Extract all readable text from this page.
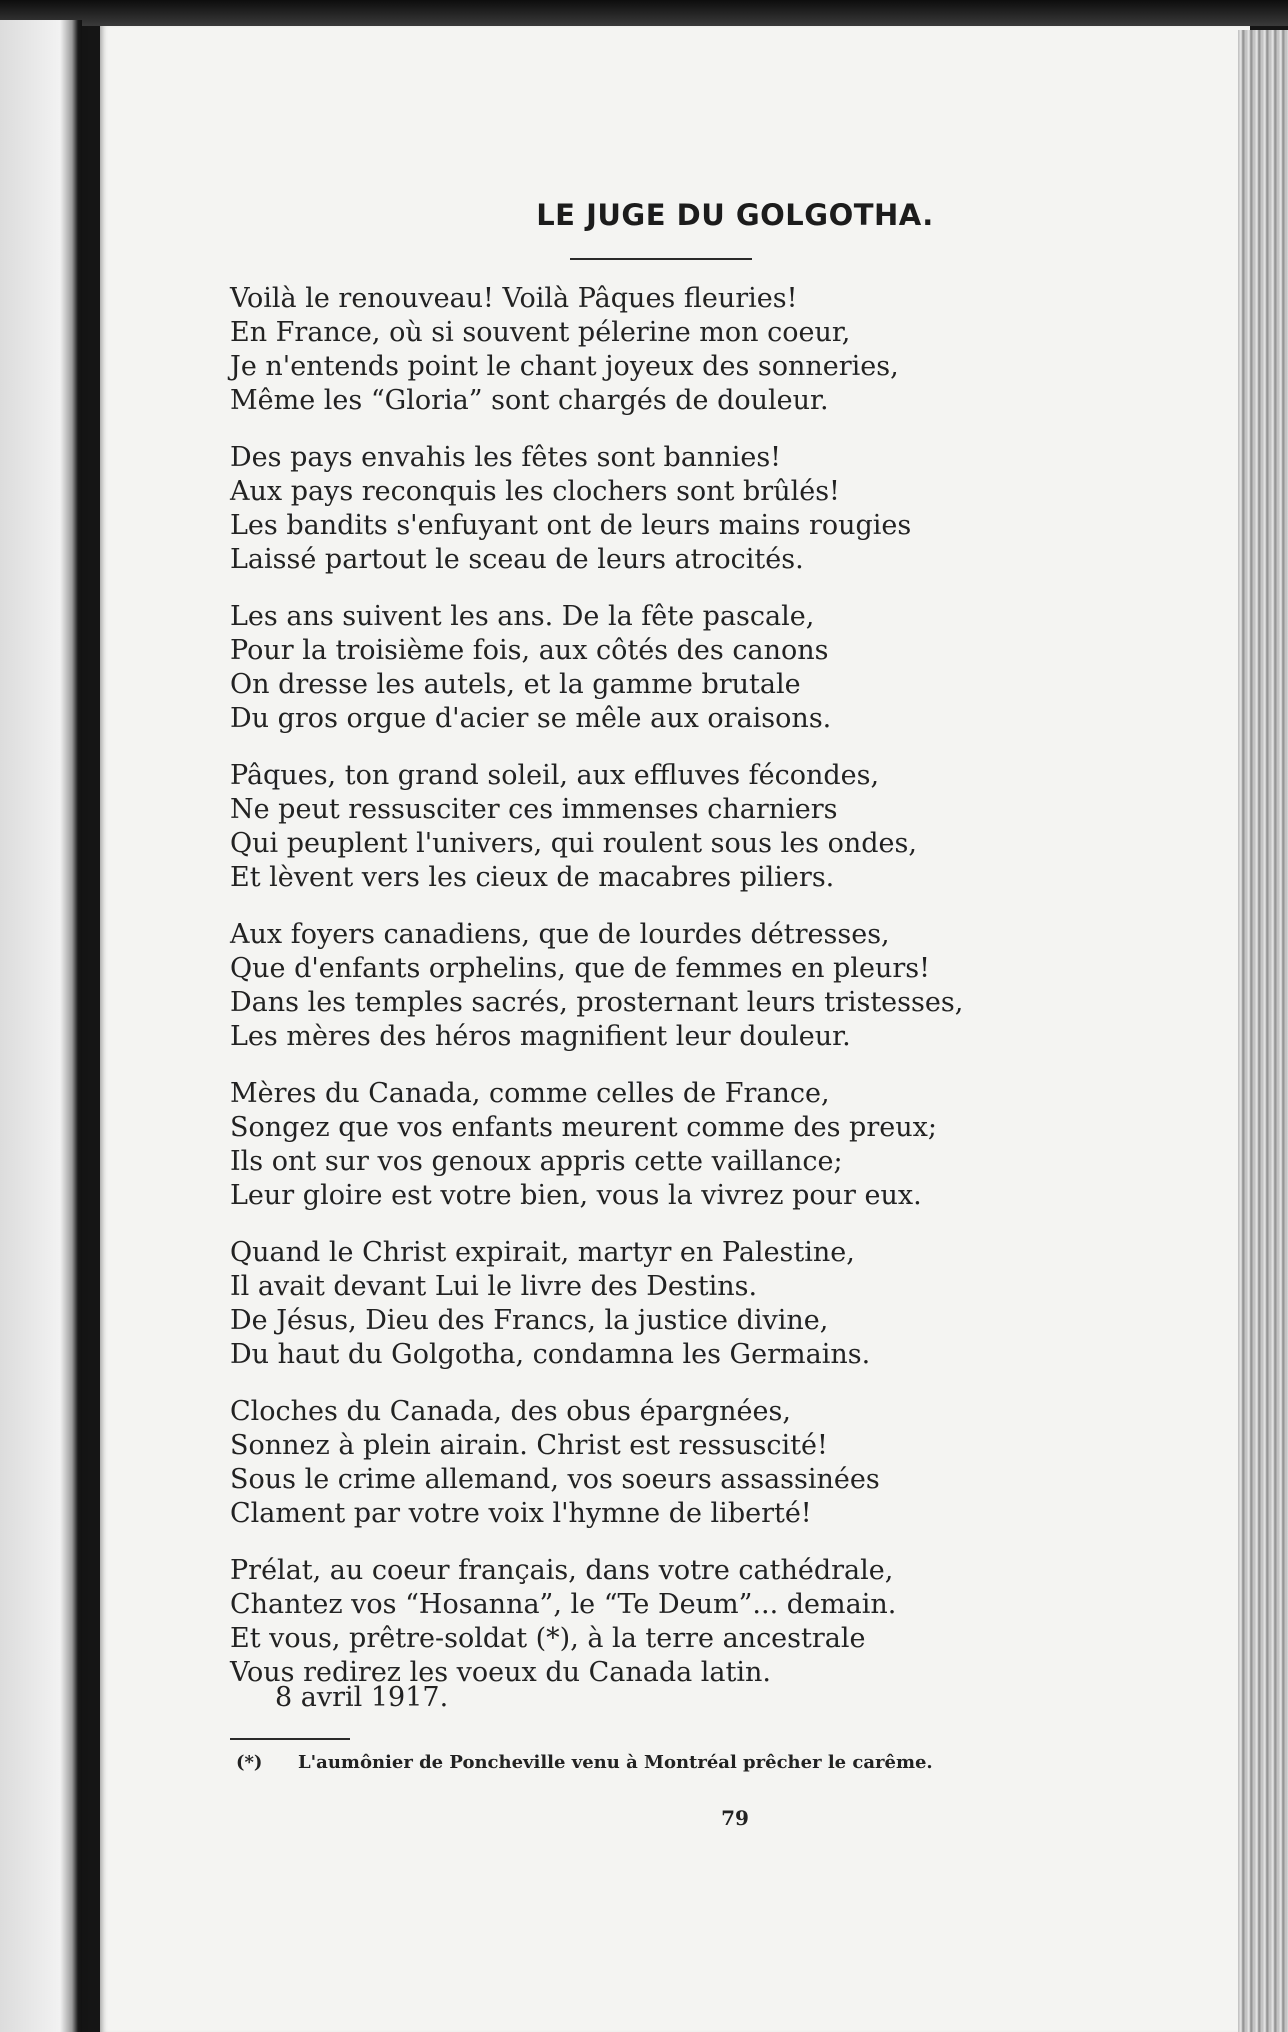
LE JUGE DU GOLGOTHA.
Voilà le renouveau! Voilà Pâques fleuries!
En France, où si souvent pélerine mon coeur,
Je n'entends point le chant joyeux des sonneries,
Même les “Gloria” sont chargés de douleur.
Des pays envahis les fêtes sont bannies!
Aux pays reconquis les clochers sont brûlés!
Les bandits s'enfuyant ont de leurs mains rougies
Laissé partout le sceau de leurs atrocités.
Les ans suivent les ans. De la fête pascale,
Pour la troisième fois, aux côtés des canons
On dresse les autels, et la gamme brutale
Du gros orgue d'acier se mêle aux oraisons.
Pâques, ton grand soleil, aux effluves fécondes,
Ne peut ressusciter ces immenses charniers
Qui peuplent l'univers, qui roulent sous les ondes,
Et lèvent vers les cieux de macabres piliers.
Aux foyers canadiens, que de lourdes détresses,
Que d'enfants orphelins, que de femmes en pleurs!
Dans les temples sacrés, prosternant leurs tristesses,
Les mères des héros magnifient leur douleur.
Mères du Canada, comme celles de France,
Songez que vos enfants meurent comme des preux;
Ils ont sur vos genoux appris cette vaillance;
Leur gloire est votre bien, vous la vivrez pour eux.
Quand le Christ expirait, martyr en Palestine,
Il avait devant Lui le livre des Destins.
De Jésus, Dieu des Francs, la justice divine,
Du haut du Golgotha, condamna les Germains.
Cloches du Canada, des obus épargnées,
Sonnez à plein airain. Christ est ressuscité!
Sous le crime allemand, vos soeurs assassinées
Clament par votre voix l'hymne de liberté!
Prélat, au coeur français, dans votre cathédrale,
Chantez vos “Hosanna”, le “Te Deum”... demain.
Et vous, prêtre-soldat (*), à la terre ancestrale
Vous redirez les voeux du Canada latin.
8 avril 1917.
(*) L'aumônier de Poncheville venu à Montréal prêcher le carême.
79
